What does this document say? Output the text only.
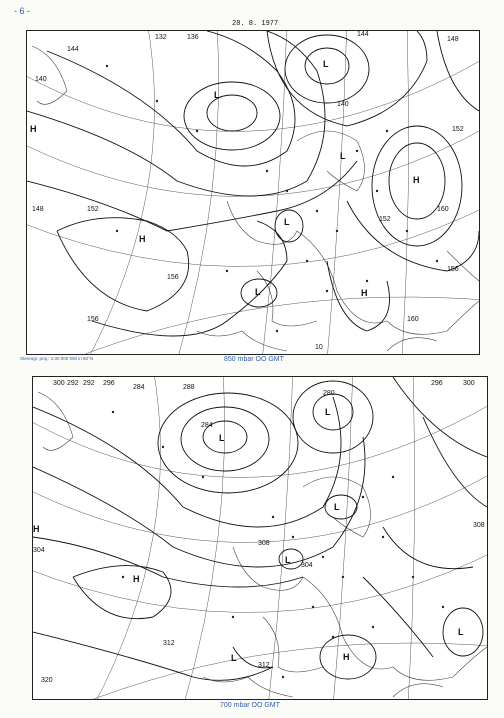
- 6 -
28. 8. 1977
L
L
L
L
L
H
H
H
H
132	136
140
144
148	152
156
156
160
152
148
144
140
152
156
160
10
Stereogr. proj.: 1:30 000 000 in 60°N	850 mbar OO GMT
L
L
L
L
L
L
H
H
H
284
288
292 296
300
304
308
312
280
296	300
304
308
312
320
284
292
700 mbar OO GMT
